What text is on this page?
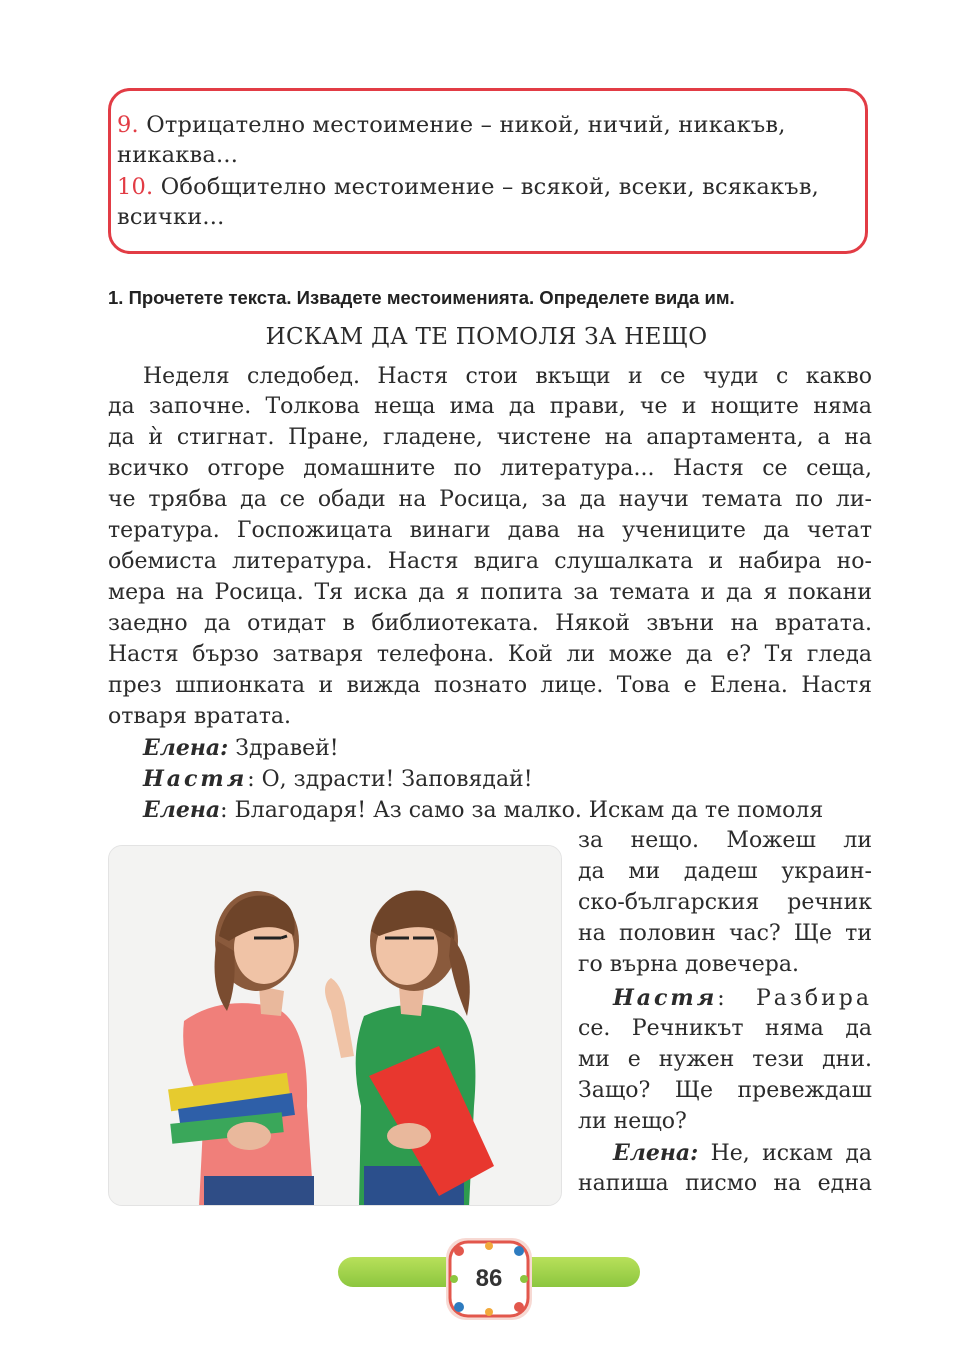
9. Отрицателно местоимение – никой, ничий, никакъв,
никаква...
10. Обобщително местоимение – всякой, всеки, всякакъв,
всички...
1. Прочетете текста. Извадете местоименията. Определете вида им.
ИСКАМ ДА ТЕ ПОМОЛЯ ЗА НЕЩО
Неделя следобед. Настя стои вкъщи и се чуди с какво
да започне. Толкова неща има да прави, че и нощите няма
да ѝ стигнат. Пране, гладене, чистене на апартамента, а на
всичко отгоре домашните по литература... Настя се сеща,
че трябва да се обади на Росица, за да научи темата по ли-
тература. Госпожицата винаги дава на учениците да четат
обемиста литература. Настя вдига слушалката и набира но-
мера на Росица. Тя иска да я попита за темата и да я покани
заедно да отидат в библиотеката. Някой звъни на вратата.
Настя бързо затваря телефона. Кой ли може да е? Тя гледа
през шпионката и вижда познато лице. Това е Елена. Настя
отваря вратата.
Елена: Здравей!
Настя: О, здрасти! Заповядай!
Елена: Благодаря! Аз само за малко. Искам да те помоля
за нещо. Можеш ли
да ми дадеш украин-
ско-българския речник
на половин час? Ще ти
го върна довечера.
Настя: Разбира
се. Речникът няма да
ми е нужен тези дни.
Защо? Ще превеждаш
ли нещо?
Елена: Не, искам да
напиша писмо на една
86
